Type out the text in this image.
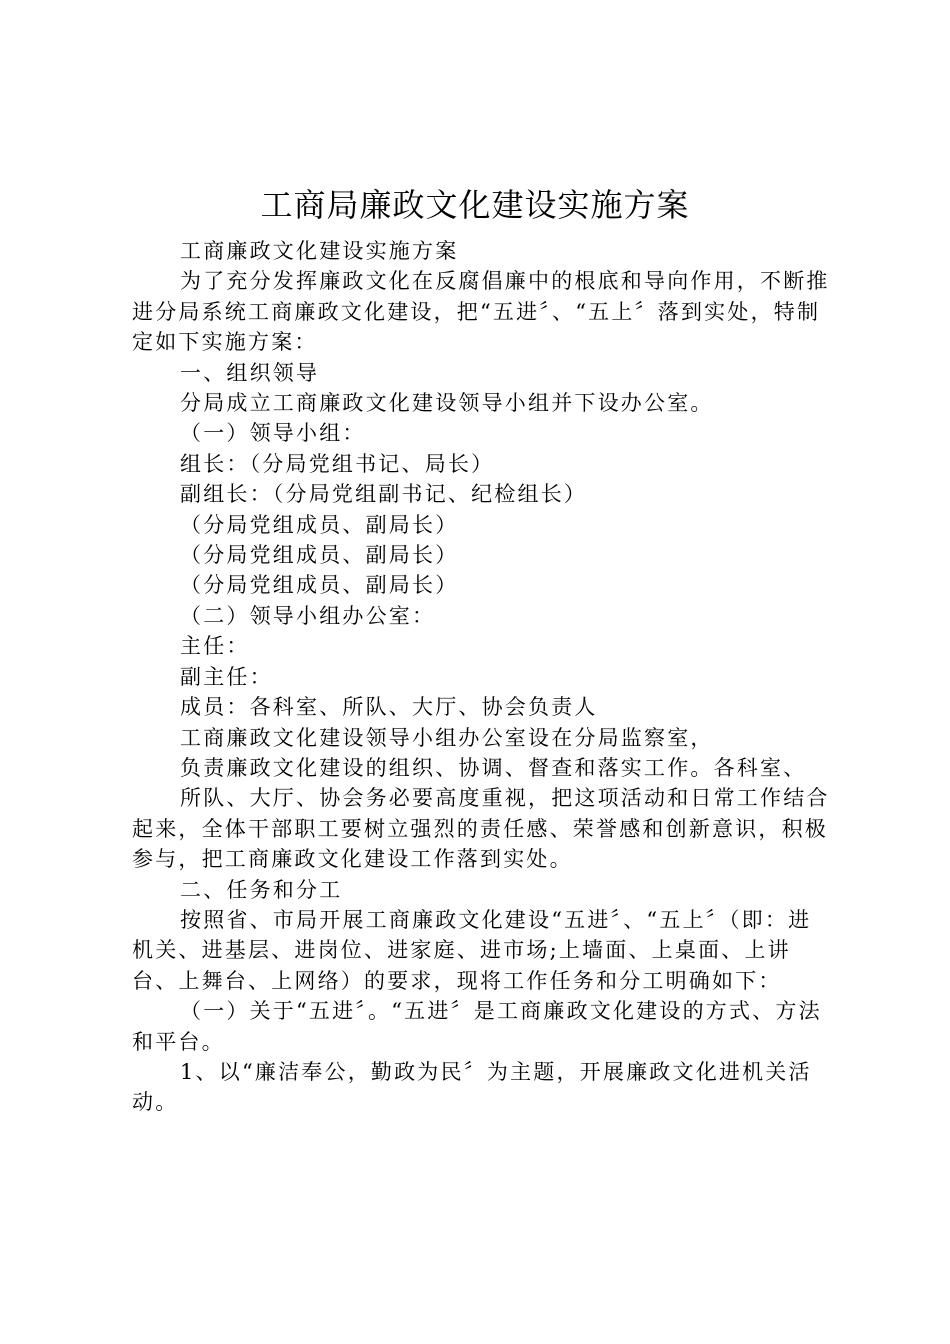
工商局廉政文化建设实施方案

工商廉政文化建设实施方案

为了充分发挥廉政文化在反腐倡廉中的根底和导向作用，不断推进分局系统工商廉政文化建设，把“五进〞、“五上〞落到实处，特制定如下实施方案：

一、组织领导

分局成立工商廉政文化建设领导小组并下设办公室。

（一）领导小组：

组长：（分局党组书记、局长）

副组长：（分局党组副书记、纪检组长）

（分局党组成员、副局长）

（分局党组成员、副局长）

（分局党组成员、副局长）

（二）领导小组办公室：

主任：

副主任：

成员：各科室、所队、大厅、协会负责人

工商廉政文化建设领导小组办公室设在分局监察室，

负责廉政文化建设的组织、协调、督查和落实工作。各科室、

所队、大厅、协会务必要高度重视，把这项活动和日常工作结合起来，全体干部职工要树立强烈的责任感、荣誉感和创新意识，积极参与，把工商廉政文化建设工作落到实处。

二、任务和分工

按照省、市局开展工商廉政文化建设“五进〞、“五上〞（即：进机关、进基层、进岗位、进家庭、进市场;上墙面、上桌面、上讲台、上舞台、上网络）的要求，现将工作任务和分工明确如下：

（一）关于“五进〞。“五进〞是工商廉政文化建设的方式、方法和平台。

1、以“廉洁奉公，勤政为民〞为主题，开展廉政文化进机关活动。
